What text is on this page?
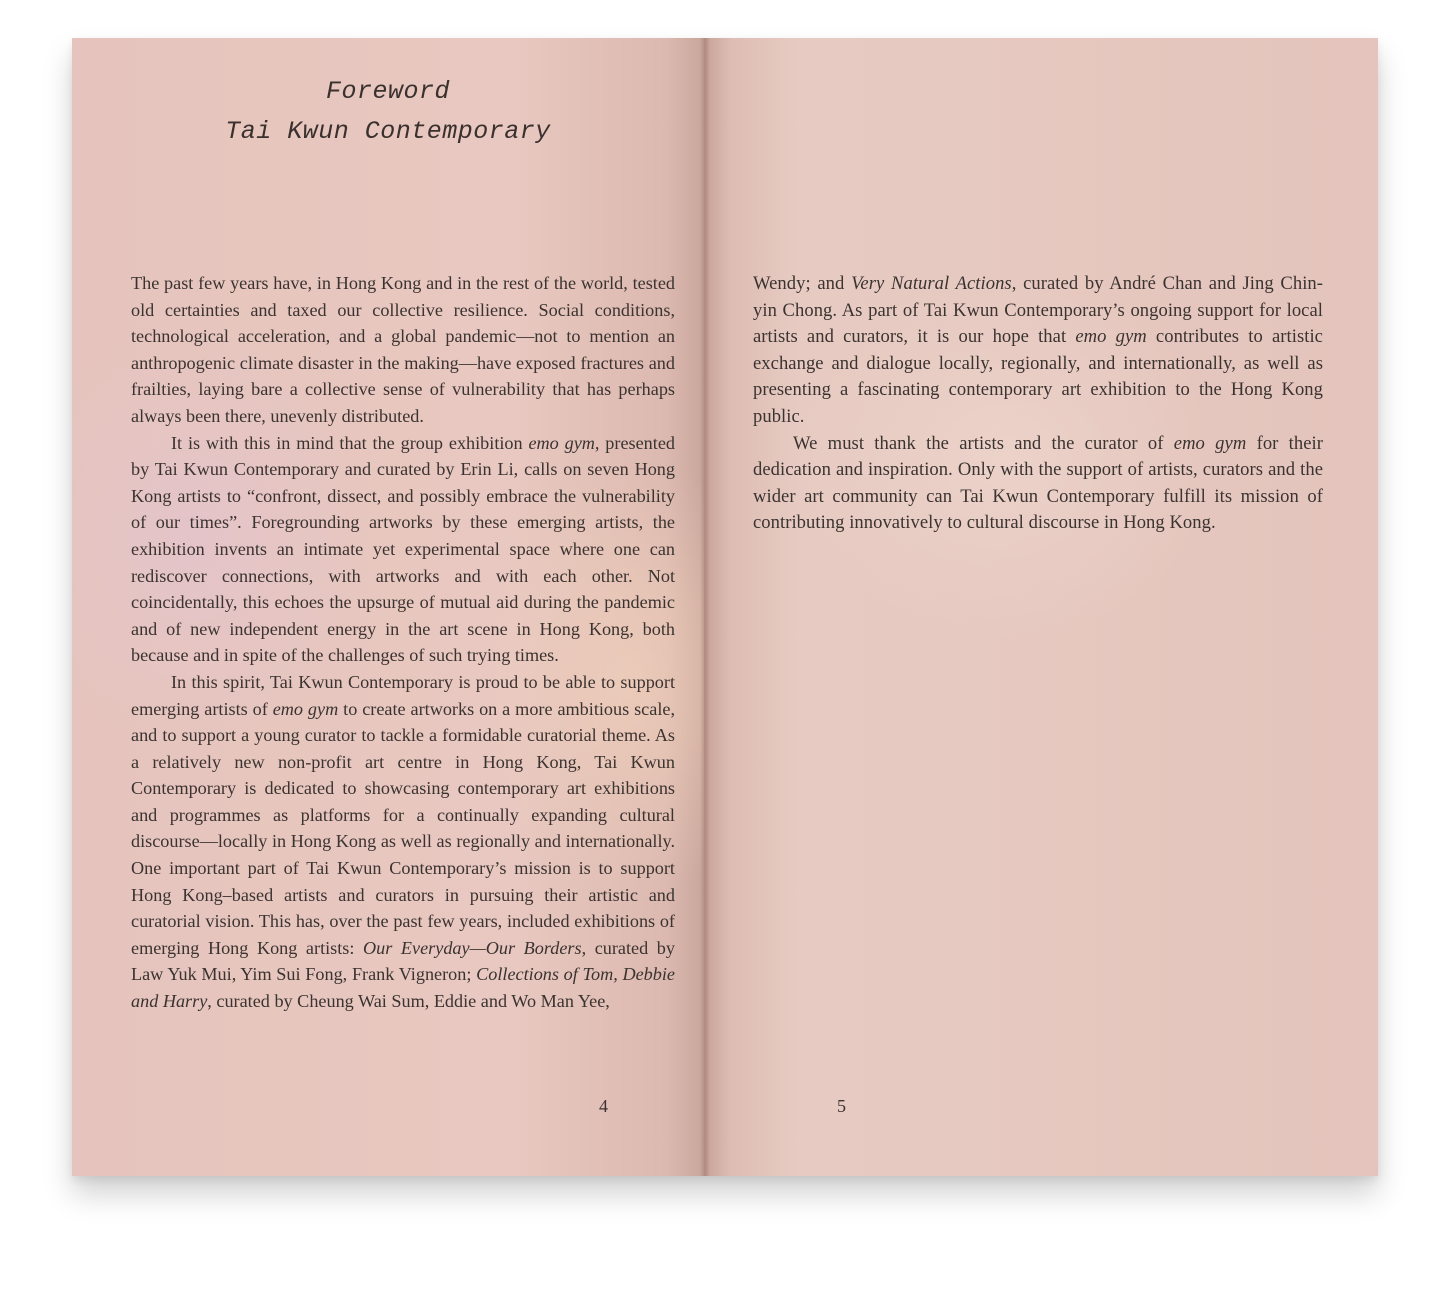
Foreword
Tai Kwun Contemporary

The past few years have, in Hong Kong and in the rest of the world, tested old certainties and taxed our collective resilience. Social conditions, technological acceleration, and a global pandemic—not to mention an anthropogenic climate disaster in the making—have exposed fractures and frailties, laying bare a collective sense of vulnerability that has perhaps always been there, unevenly distributed.

It is with this in mind that the group exhibition emo gym, presented by Tai Kwun Contemporary and curated by Erin Li, calls on seven Hong Kong artists to “confront, dissect, and possibly embrace the vulnerability of our times”. Foregrounding artworks by these emerging artists, the exhibition invents an intimate yet experimental space where one can rediscover connections, with artworks and with each other. Not coincidentally, this echoes the upsurge of mutual aid during the pandemic and of new independent energy in the art scene in Hong Kong, both because and in spite of the challenges of such trying times.

In this spirit, Tai Kwun Contemporary is proud to be able to support emerging artists of emo gym to create artworks on a more ambitious scale, and to support a young curator to tackle a formidable curatorial theme. As a relatively new non-profit art centre in Hong Kong, Tai Kwun Contemporary is dedicated to showcasing contemporary art exhibitions and programmes as platforms for a continually expanding cultural discourse—locally in Hong Kong as well as regionally and internationally. One important part of Tai Kwun Contemporary’s mission is to support Hong Kong–based artists and curators in pursuing their artistic and curatorial vision. This has, over the past few years, included exhibitions of emerging Hong Kong artists: Our Everyday—Our Borders, curated by Law Yuk Mui, Yim Sui Fong, Frank Vigneron; Collections of Tom, Debbie and Harry, curated by Cheung Wai Sum, Eddie and Wo Man Yee,

4

Wendy; and Very Natural Actions, curated by André Chan and Jing Chin-yin Chong. As part of Tai Kwun Contemporary’s ongoing support for local artists and curators, it is our hope that emo gym contributes to artistic exchange and dialogue locally, regionally, and internationally, as well as presenting a fascinating contemporary art exhibition to the Hong Kong public.

We must thank the artists and the curator of emo gym for their dedication and inspiration. Only with the support of artists, curators and the wider art community can Tai Kwun Contemporary fulfill its mission of contributing innovatively to cultural discourse in Hong Kong.

5
